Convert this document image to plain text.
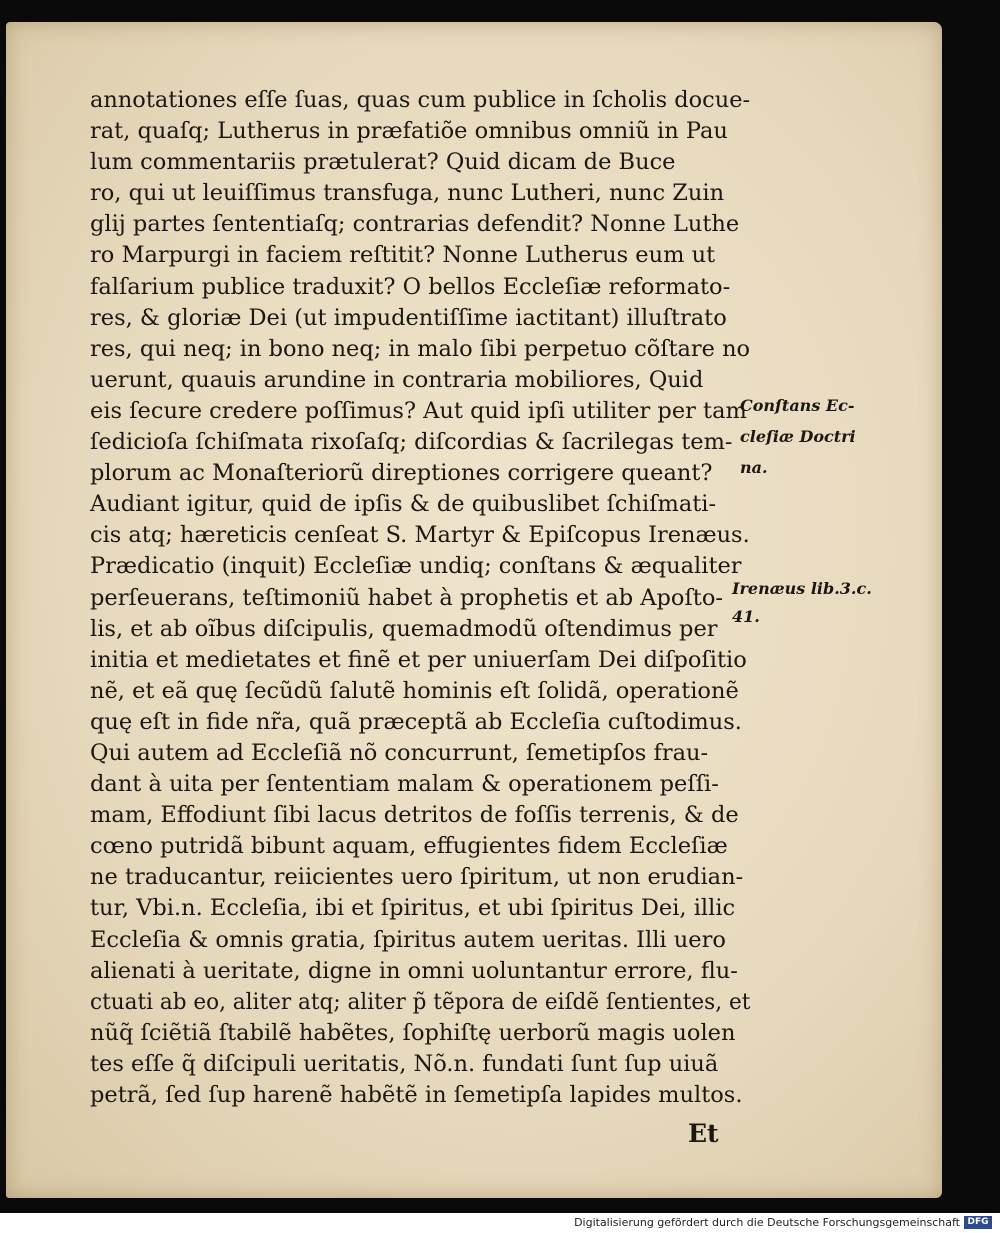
annotationes eſſe ſuas, quas cum publice in ſcholis docue-
rat, quaſq; Lutherus in præfatiõe omnibus omniũ in Pau
lum commentariis prætulerat? Quid dicam de Buce
ro, qui ut leuiſſimus transfuga, nunc Lutheri, nunc Zuin
glij partes ſententiaſq; contrarias defendit? Nonne Luthe
ro Marpurgi in faciem reſtitit? Nonne Lutherus eum ut
falſarium publice traduxit? O bellos Eccleſiæ reformato-
res, & gloriæ Dei (ut impudentiſſime iactitant) illuſtrato
res, qui neq; in bono neq; in malo ſibi perpetuo cõſtare no
uerunt, quauis arundine in contraria mobiliores, Quid
eis ſecure credere poſſimus? Aut quid ipſi utiliter per tam
ſedicioſa ſchiſmata rixoſaſq; diſcordias & ſacrilegas tem-
plorum ac Monaſteriorũ direptiones corrigere queant?
Audiant igitur, quid de ipſis & de quibuslibet ſchiſmati-
cis atq; hæreticis cenſeat S. Martyr & Epiſcopus Irenæus.
Prædicatio (inquit) Eccleſiæ undiq; conſtans & æqualiter
perſeuerans, teſtimoniũ habet à prophetis et ab Apoſto-
lis, et ab oĩbus diſcipulis, quemadmodũ oſtendimus per
initia et medietates et finẽ et per uniuerſam Dei diſpoſitio
nẽ, et eã quę ſecũdũ ſalutẽ hominis eſt ſolidã, operationẽ
quę eſt in fide nr̃a, quã præceptã ab Eccleſia cuſtodimus.
Qui autem ad Eccleſiã nõ concurrunt, ſemetipſos frau-
dant à uita per ſententiam malam & operationem peſſi-
mam, Effodiunt ſibi lacus detritos de foſſis terrenis, & de
cœno putridã bibunt aquam, effugientes fidem Eccleſiæ
ne traducantur, reiicientes uero ſpiritum, ut non erudian-
tur, Vbi.n. Eccleſia, ibi et ſpiritus, et ubi ſpiritus Dei, illic
Eccleſia & omnis gratia, ſpiritus autem ueritas. Illi uero
alienati à ueritate, digne in omni uoluntantur errore, flu-
ctuati ab eo, aliter atq; aliter p̃ tẽpora de eiſdẽ ſentientes, et
nũq̃ ſciẽtiã ſtabilẽ habẽtes, ſophiſtę uerborũ magis uolen
tes eſſe q̃ diſcipuli ueritatis, Nõ.n. fundati ſunt ſup uiuã
petrã, ſed ſup harenẽ habẽtẽ in ſemetipſa lapides multos.
Conſtans Ec-
cleſiæ Doctri
na.
Irenæus lib.3.c.
41.
Et
Digitalisierung gefördert durch die Deutsche Forschungsgemeinschaft DFG
